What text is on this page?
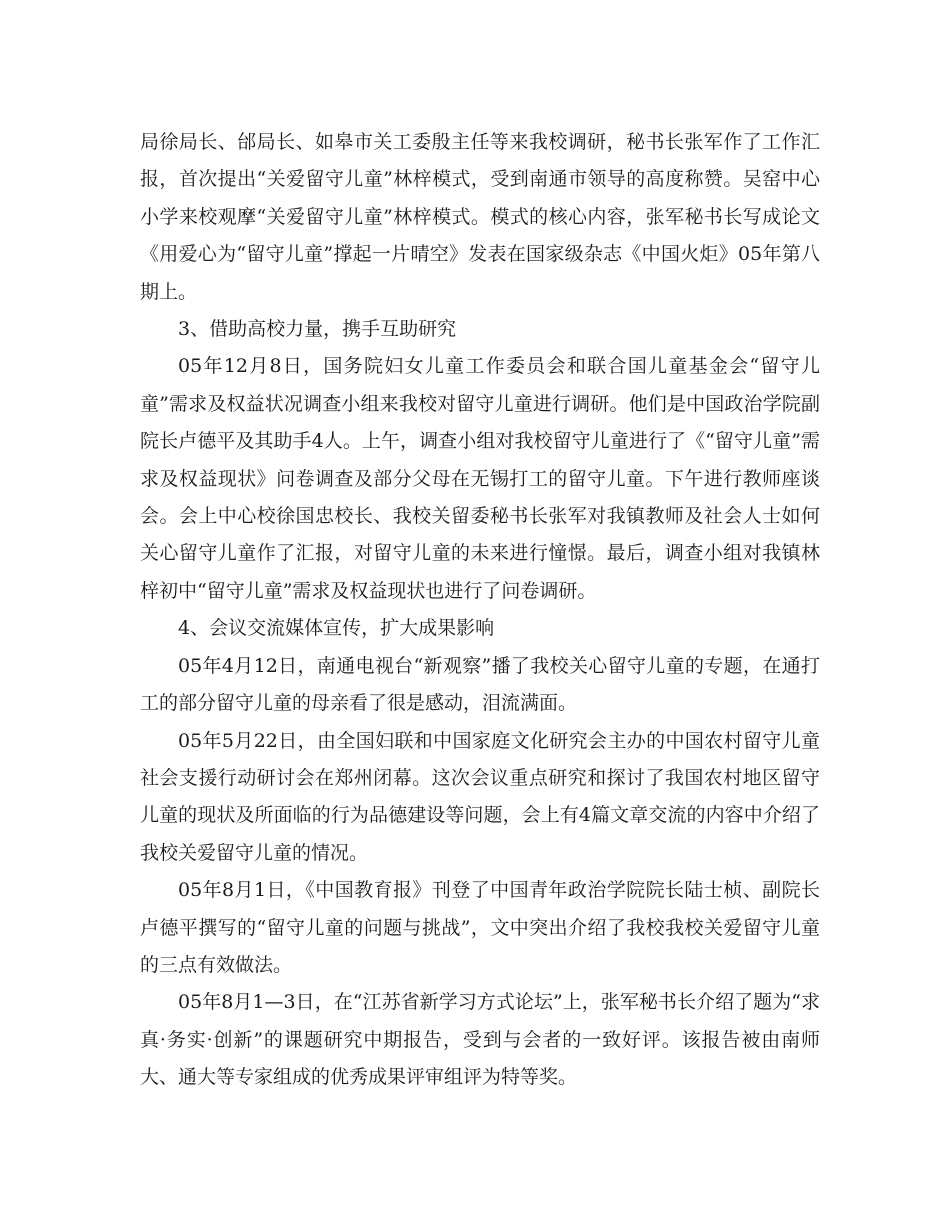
局徐局长、邰局长、如皋市关工委殷主任等来我校调研，秘书长张军作了工作汇报，首次提出“关爱留守儿童”林梓模式，受到南通市领导的高度称赞。吴窑中心小学来校观摩“关爱留守儿童”林梓模式。模式的核心内容，张军秘书长写成论文《用爱心为“留守儿童”撑起一片晴空》发表在国家级杂志《中国火炬》05年第八期上。

3、借助高校力量，携手互助研究

05年12月8日，国务院妇女儿童工作委员会和联合国儿童基金会“留守儿童”需求及权益状况调查小组来我校对留守儿童进行调研。他们是中国政治学院副院长卢德平及其助手4人。上午，调查小组对我校留守儿童进行了《“留守儿童”需求及权益现状》问卷调查及部分父母在无锡打工的留守儿童。下午进行教师座谈会。会上中心校徐国忠校长、我校关留委秘书长张军对我镇教师及社会人士如何关心留守儿童作了汇报，对留守儿童的未来进行憧憬。最后，调查小组对我镇林梓初中“留守儿童”需求及权益现状也进行了问卷调研。

4、会议交流媒体宣传，扩大成果影响

05年4月12日，南通电视台“新观察”播了我校关心留守儿童的专题，在通打工的部分留守儿童的母亲看了很是感动，泪流满面。

05年5月22日，由全国妇联和中国家庭文化研究会主办的中国农村留守儿童社会支援行动研讨会在郑州闭幕。这次会议重点研究和探讨了我国农村地区留守儿童的现状及所面临的行为品德建设等问题，会上有4篇文章交流的内容中介绍了我校关爱留守儿童的情况。

05年8月1日，《中国教育报》刊登了中国青年政治学院院长陆士桢、副院长卢德平撰写的“留守儿童的问题与挑战”，文中突出介绍了我校我校关爱留守儿童的三点有效做法。

05年8月1—3日，在“江苏省新学习方式论坛”上，张军秘书长介绍了题为“求真·务实·创新”的课题研究中期报告，受到与会者的一致好评。该报告被由南师大、通大等专家组成的优秀成果评审组评为特等奖。
